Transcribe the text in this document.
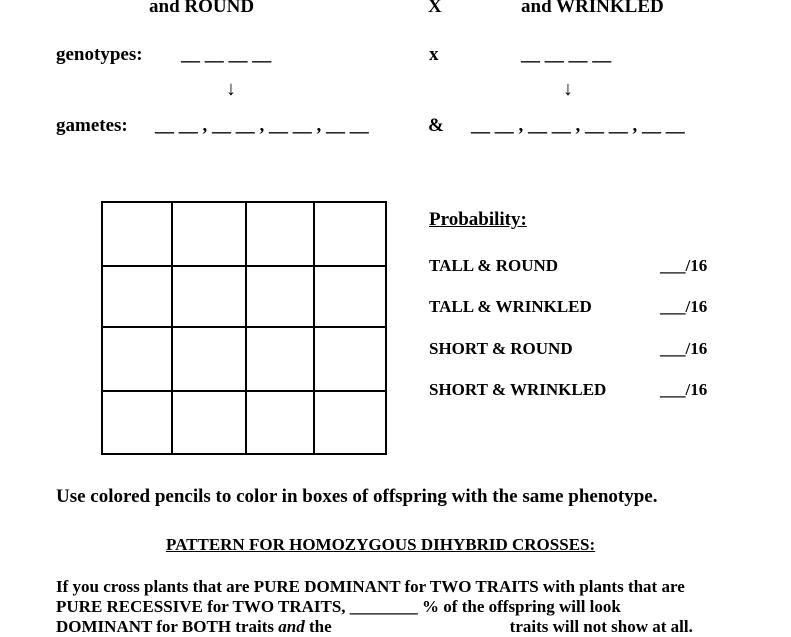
and ROUND	X	and WRINKLED
genotypes: __ __ __ __	x	__ __ __ __
↓	↓
gametes: __ __ , __ __ , __ __ , __ __	& __ __ , __ __ , __ __ , __ __
Probability:
TALL & ROUND	___/16
TALL & WRINKLED	___/16
SHORT & ROUND	___/16
SHORT & WRINKLED	___/16
Use colored pencils to color in boxes of offspring with the same phenotype.
PATTERN FOR HOMOZYGOUS DIHYBRID CROSSES:
If you cross plants that are PURE DOMINANT for TWO TRAITS with plants that are
PURE RECESSIVE for TWO TRAITS, ________ % of the offspring will look
DOMINANT for BOTH traits and the	traits will not show at all.
